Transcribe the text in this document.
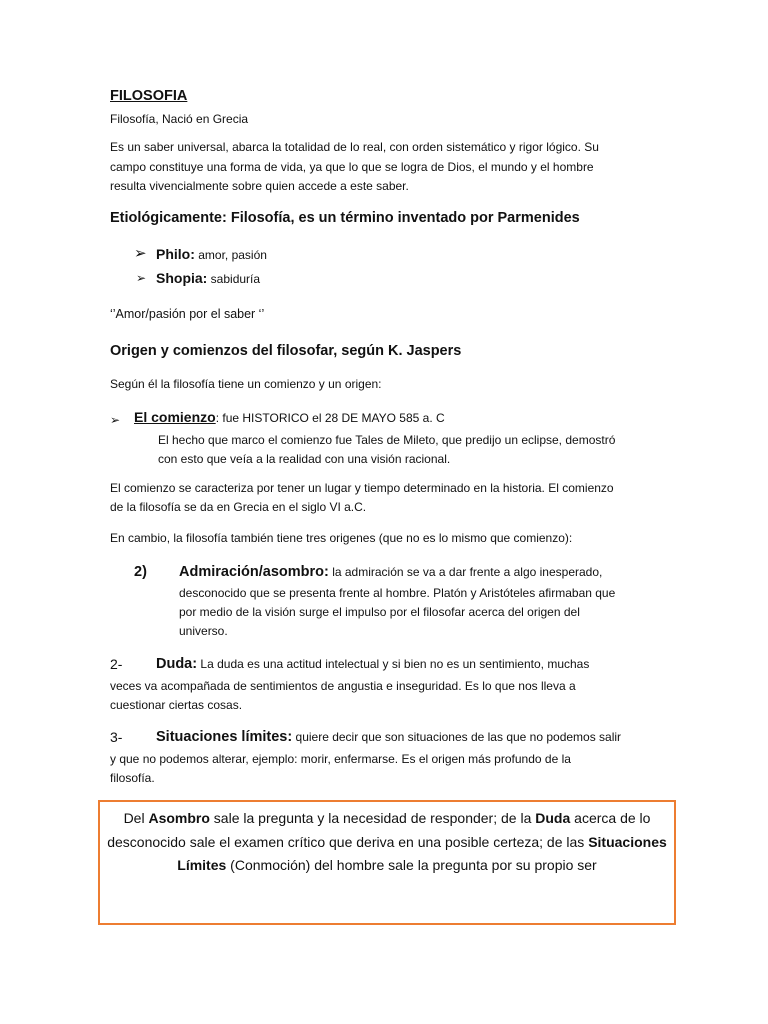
FILOSOFIA
Filosofía, Nació en Grecia
Es un saber universal, abarca la totalidad de lo real, con orden sistemático y rigor lógico. Su
campo constituye una forma de vida, ya que lo que se logra de Dios, el mundo y el hombre
resulta vivencialmente sobre quien accede a este saber.
Etiológicamente: Filosofía, es un término inventado por Parmenides
➢ Philo: amor, pasión
➢ Shopia: sabiduría
‘’Amor/pasión por el saber ‘’
Origen y comienzos del filosofar, según K. Jaspers
Según él la filosofía tiene un comienzo y un origen:
➢ El comienzo: fue HISTORICO el 28 DE MAYO 585 a. C
El hecho que marco el comienzo fue Tales de Mileto, que predijo un eclipse, demostró
con esto que veía a la realidad con una visión racional.
El comienzo se caracteriza por tener un lugar y tiempo determinado en la historia. El comienzo
de la filosofía se da en Grecia en el siglo VI a.C.
En cambio, la filosofía también tiene tres origenes (que no es lo mismo que comienzo):
2) Admiración/asombro: la admiración se va a dar frente a algo inesperado,
desconocido que se presenta frente al hombre. Platón y Aristóteles afirmaban que
por medio de la visión surge el impulso por el filosofar acerca del origen del
universo.
2- Duda: La duda es una actitud intelectual y si bien no es un sentimiento, muchas
veces va acompañada de sentimientos de angustia e inseguridad. Es lo que nos lleva a
cuestionar ciertas cosas.
3- Situaciones límites: quiere decir que son situaciones de las que no podemos salir
y que no podemos alterar, ejemplo: morir, enfermarse. Es el origen más profundo de la
filosofía.
Del Asombro sale la pregunta y la necesidad de responder; de la Duda acerca de lo desconocido sale el examen crítico que deriva en una posible certeza; de las Situaciones Límites (Conmoción) del hombre sale la pregunta por su propio ser
